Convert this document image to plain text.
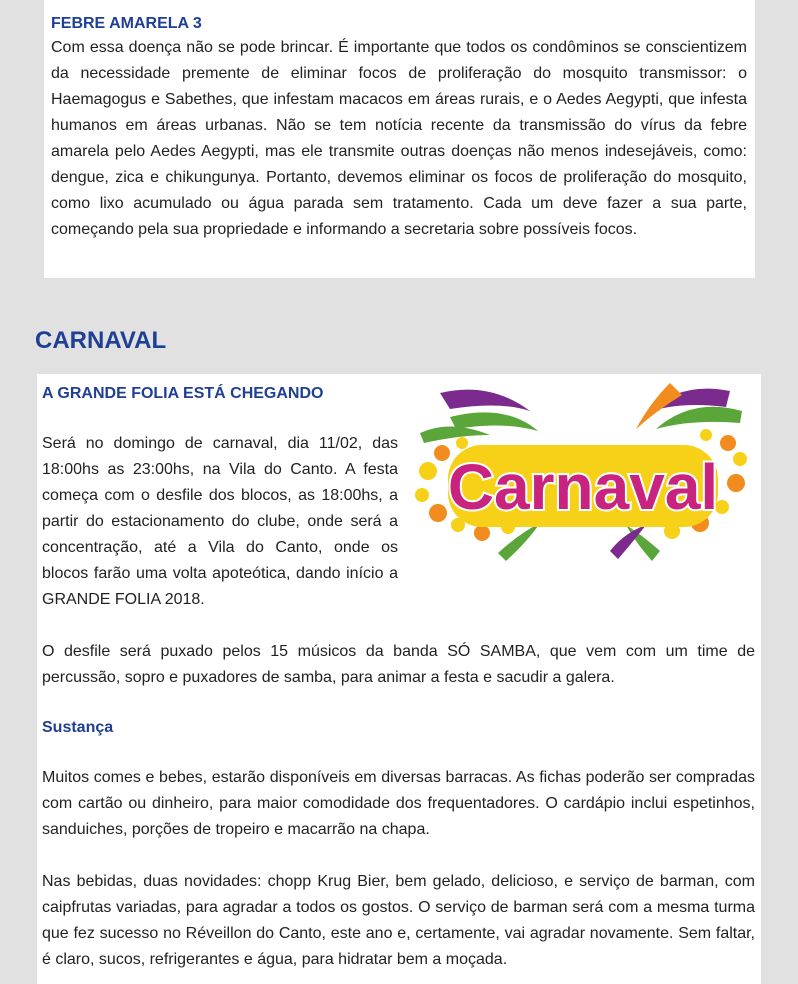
FEBRE AMARELA 3

Com essa doença não se pode brincar. É importante que todos os condôminos se conscientizem da necessidade premente de eliminar focos de proliferação do mosquito transmissor: o Haemagogus e Sabethes, que infestam macacos em áreas rurais, e o Aedes Aegypti, que infesta humanos em áreas urbanas. Não se tem notícia recente da transmissão do vírus da febre amarela pelo Aedes Aegypti, mas ele transmite outras doenças não menos indesejáveis, como: dengue, zica e chikungunya. Portanto, devemos eliminar os focos de proliferação do mosquito, como lixo acumulado ou água parada sem tratamento. Cada um deve fazer a sua parte, começando pela sua propriedade e informando a secretaria sobre possíveis focos.

CARNAVAL
Carnaval
A GRANDE FOLIA ESTÁ CHEGANDO

Será no domingo de carnaval, dia 11/02, das 18:00hs as 23:00hs, na Vila do Canto. A festa começa com o desfile dos blocos, as 18:00hs, a partir do estacionamento do clube, onde será a concentração, até a Vila do Canto, onde os blocos farão uma volta apoteótica, dando início a GRANDE FOLIA 2018.

O desfile será puxado pelos 15 músicos da banda SÓ SAMBA, que vem com um time de percussão, sopro e puxadores de samba, para animar a festa e sacudir a galera.

Sustança

Muitos comes e bebes, estarão disponíveis em diversas barracas. As fichas poderão ser compradas com cartão ou dinheiro, para maior comodidade dos frequentadores. O cardápio inclui espetinhos, sanduiches, porções de tropeiro e macarrão na chapa.

Nas bebidas, duas novidades: chopp Krug Bier, bem gelado, delicioso, e serviço de barman, com caipfrutas variadas, para agradar a todos os gostos. O serviço de barman será com a mesma turma que fez sucesso no Réveillon do Canto, este ano e, certamente, vai agradar novamente. Sem faltar, é claro, sucos, refrigerantes e água, para hidratar bem a moçada.
